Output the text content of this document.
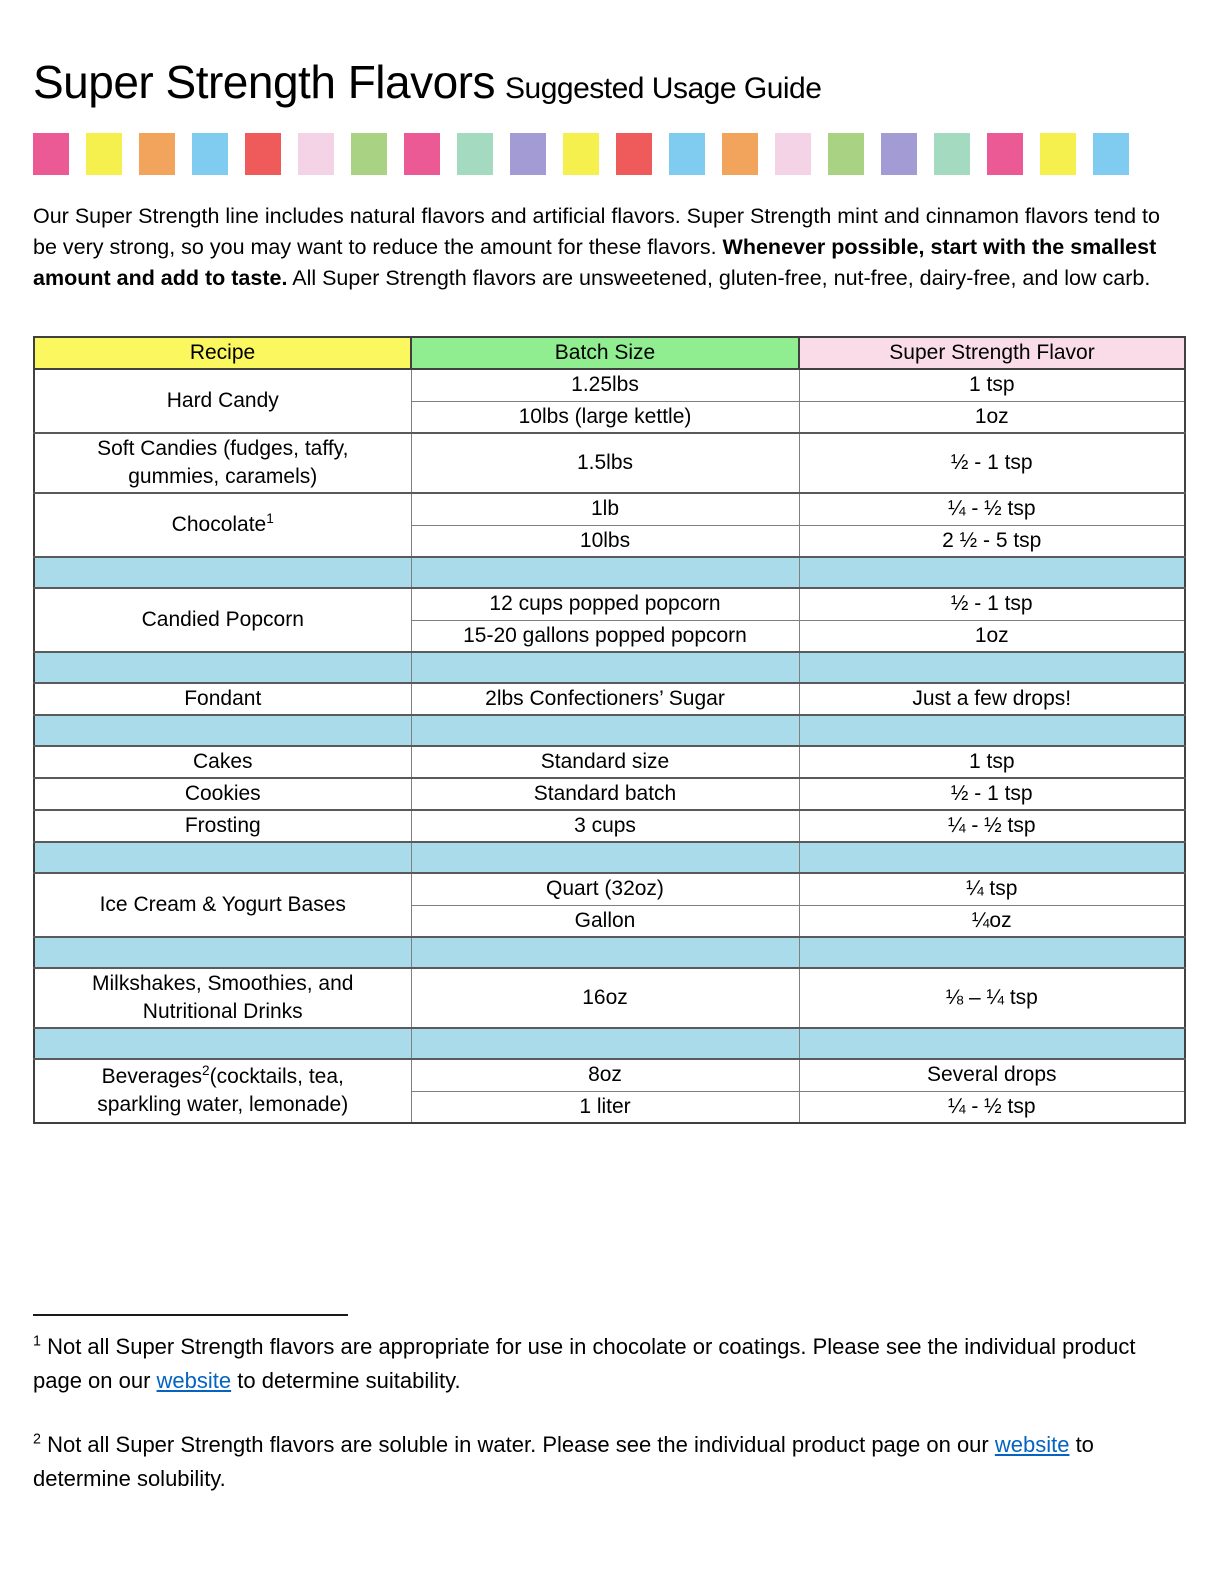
Super Strength Flavors Suggested Usage Guide

Our Super Strength line includes natural flavors and artificial flavors. Super Strength mint and cinnamon flavors tend to be very strong, so you may want to reduce the amount for these flavors. Whenever possible, start with the smallest amount and add to taste. All Super Strength flavors are unsweetened, gluten-free, nut-free, dairy-free, and low carb.

Recipe	Batch Size	Super Strength Flavor
Hard Candy	1.25lbs	1 tsp
	10lbs (large kettle)	1oz
Soft Candies (fudges, taffy, gummies, caramels)	1.5lbs	½ - 1 tsp
Chocolate$^1$	1lb	¼ - ½ tsp
	10lbs	2 ½ - 5 tsp

Candied Popcorn	12 cups popped popcorn	½ - 1 tsp
	15-20 gallons popped popcorn	1oz

Fondant	2lbs Confectioners’ Sugar	Just a few drops!

Cakes	Standard size	1 tsp
Cookies	Standard batch	½ - 1 tsp
Frosting	3 cups	¼ - ½ tsp

Ice Cream & Yogurt Bases	Quart (32oz)	¼ tsp
	Gallon	¼oz

Milkshakes, Smoothies, and Nutritional Drinks	16oz	⅛ – ¼ tsp

Beverages$^2$(cocktails, tea, sparkling water, lemonade)	8oz	Several drops
	1 liter	¼ - ½ tsp

$^1$ Not all Super Strength flavors are appropriate for use in chocolate or coatings. Please see the individual product page on our website to determine suitability.

$^2$ Not all Super Strength flavors are soluble in water. Please see the individual product page on our website to determine solubility.
